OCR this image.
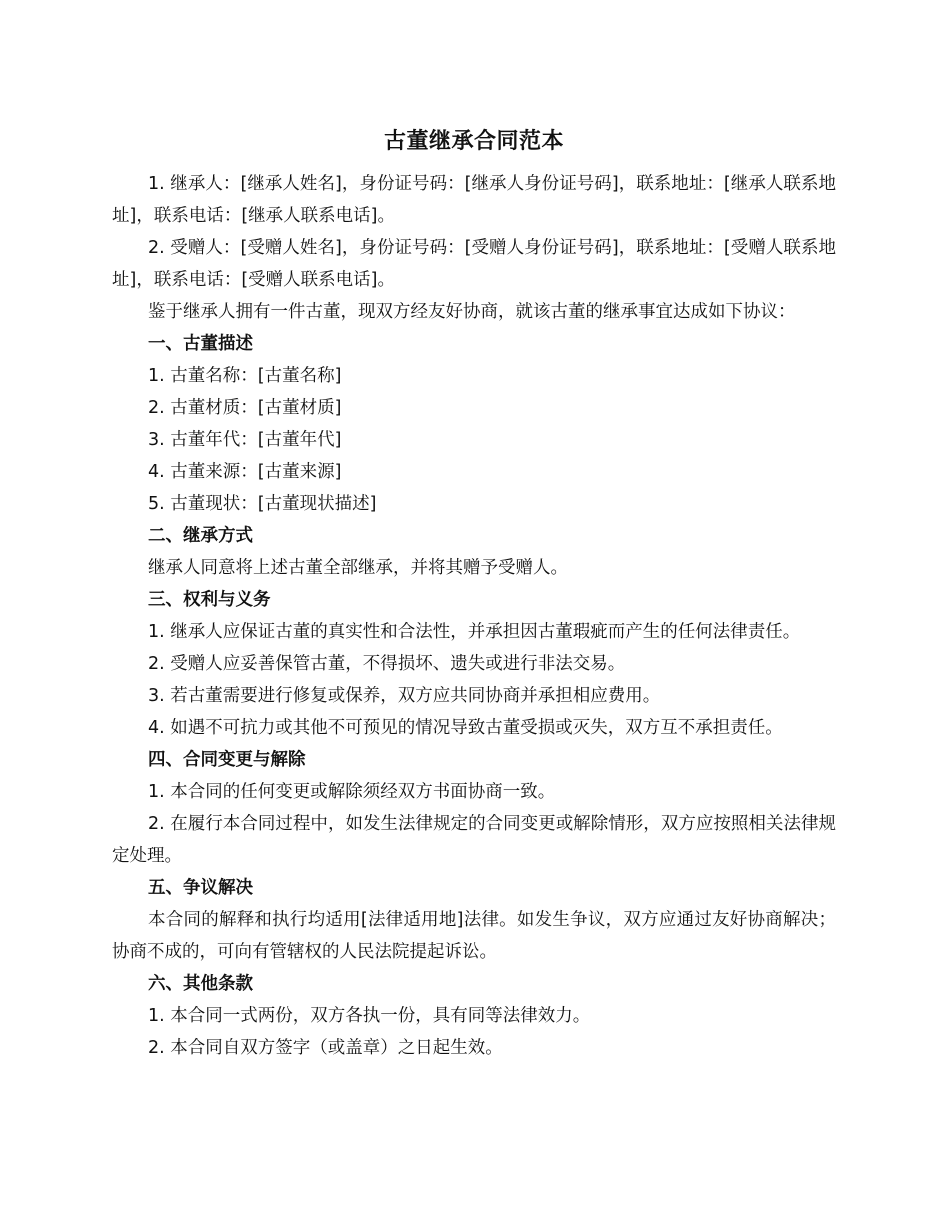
古董继承合同范本

1. 继承人：[继承人姓名]，身份证号码：[继承人身份证号码]，联系地址：[继承人联系地址]，联系电话：[继承人联系电话]。

2. 受赠人：[受赠人姓名]，身份证号码：[受赠人身份证号码]，联系地址：[受赠人联系地址]，联系电话：[受赠人联系电话]。

鉴于继承人拥有一件古董，现双方经友好协商，就该古董的继承事宜达成如下协议：

一、古董描述

1. 古董名称：[古董名称]

2. 古董材质：[古董材质]

3. 古董年代：[古董年代]

4. 古董来源：[古董来源]

5. 古董现状：[古董现状描述]

二、继承方式

继承人同意将上述古董全部继承，并将其赠予受赠人。

三、权利与义务

1. 继承人应保证古董的真实性和合法性，并承担因古董瑕疵而产生的任何法律责任。

2. 受赠人应妥善保管古董，不得损坏、遗失或进行非法交易。

3. 若古董需要进行修复或保养，双方应共同协商并承担相应费用。

4. 如遇不可抗力或其他不可预见的情况导致古董受损或灭失，双方互不承担责任。

四、合同变更与解除

1. 本合同的任何变更或解除须经双方书面协商一致。

2. 在履行本合同过程中，如发生法律规定的合同变更或解除情形，双方应按照相关法律规定处理。

五、争议解决

本合同的解释和执行均适用[法律适用地]法律。如发生争议，双方应通过友好协商解决；协商不成的，可向有管辖权的人民法院提起诉讼。

六、其他条款

1. 本合同一式两份，双方各执一份，具有同等法律效力。

2. 本合同自双方签字（或盖章）之日起生效。
